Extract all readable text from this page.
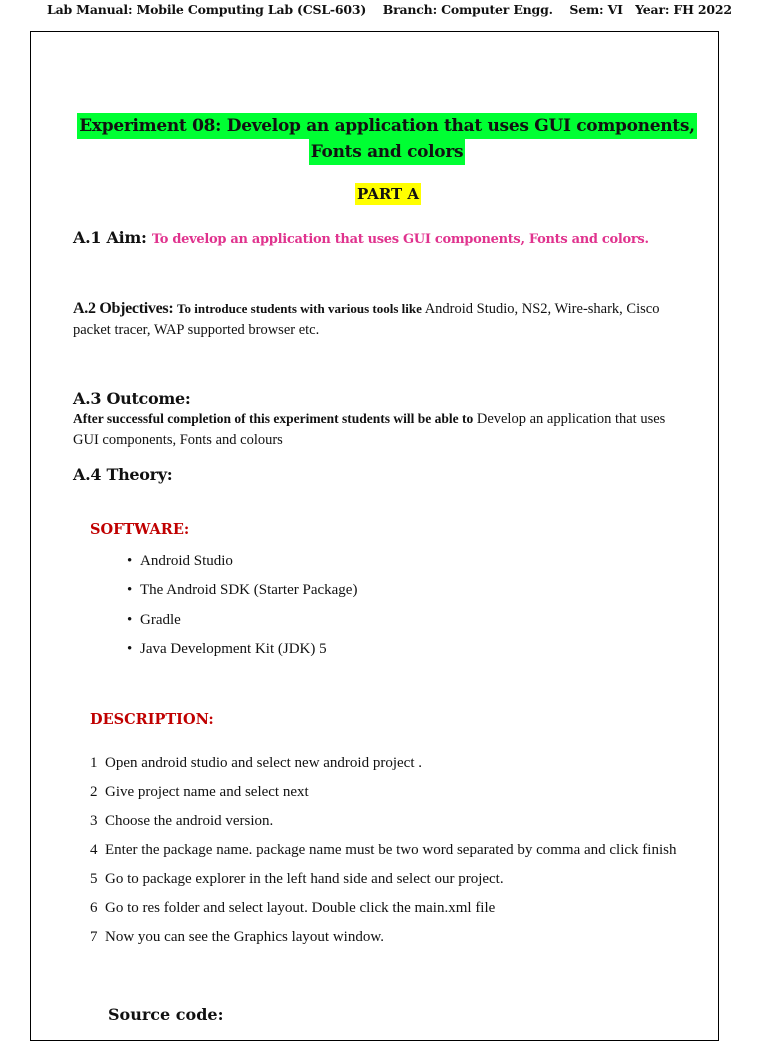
Lab Manual: Mobile Computing Lab (CSL-603)    Branch: Computer Engg.    Sem: VI   Year: FH 2022
Experiment 08: Develop an application that uses GUI components,
Fonts and colors
PART A
A.1 Aim: To develop an application that uses GUI components, Fonts and colors.
A.2 Objectives: To introduce students with various tools like Android Studio, NS2, Wire-shark, Cisco packet tracer, WAP supported browser etc.
A.3 Outcome:
After successful completion of this experiment students will be able to Develop an application that uses GUI components, Fonts and colours
A.4 Theory:
SOFTWARE:
• Android Studio
• The Android SDK (Starter Package)
• Gradle
• Java Development Kit (JDK) 5
DESCRIPTION:
1 Open android studio and select new android project .
2 Give project name and select next
3 Choose the android version.
4 Enter the package name. package name must be two word separated by comma and click finish
5 Go to package explorer in the left hand side and select our project.
6 Go to res folder and select layout. Double click the main.xml file
7 Now you can see the Graphics layout window.
Source code:
